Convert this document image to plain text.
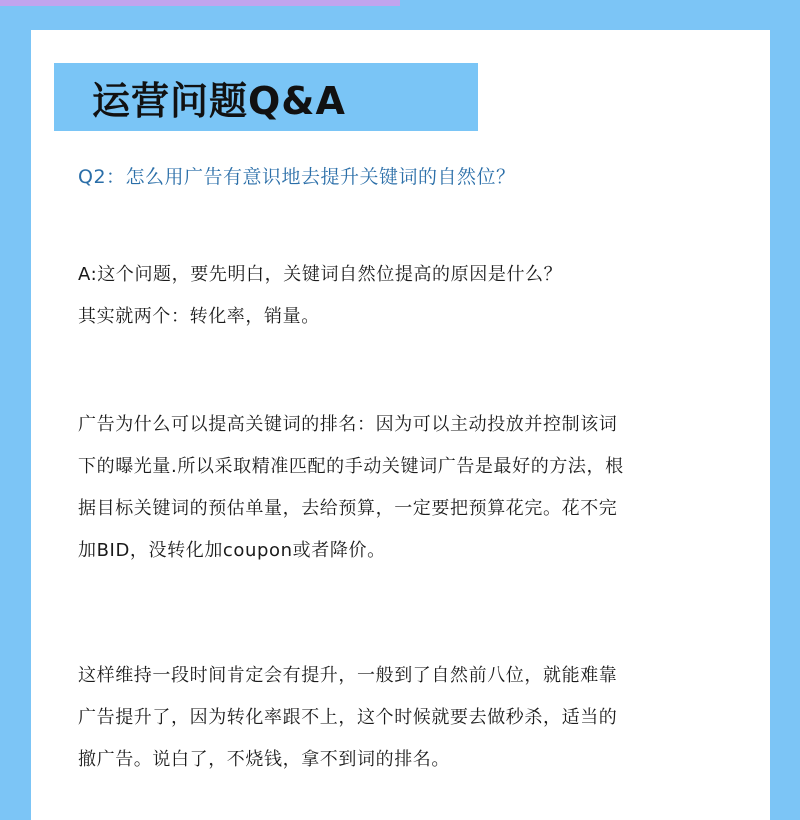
运营问题Q&A
Q2：怎么用广告有意识地去提升关键词的自然位？
A:这个问题，要先明白，关键词自然位提高的原因是什么？
其实就两个：转化率，销量。
广告为什么可以提高关键词的排名：因为可以主动投放并控制该词
下的曝光量.所以采取精准匹配的手动关键词广告是最好的方法，根
据目标关键词的预估单量，去给预算，一定要把预算花完。花不完
加BID，没转化加coupon或者降价。
这样维持一段时间肯定会有提升，一般到了自然前八位，就能难靠
广告提升了，因为转化率跟不上，这个时候就要去做秒杀，适当的
撤广告。说白了，不烧钱，拿不到词的排名。
